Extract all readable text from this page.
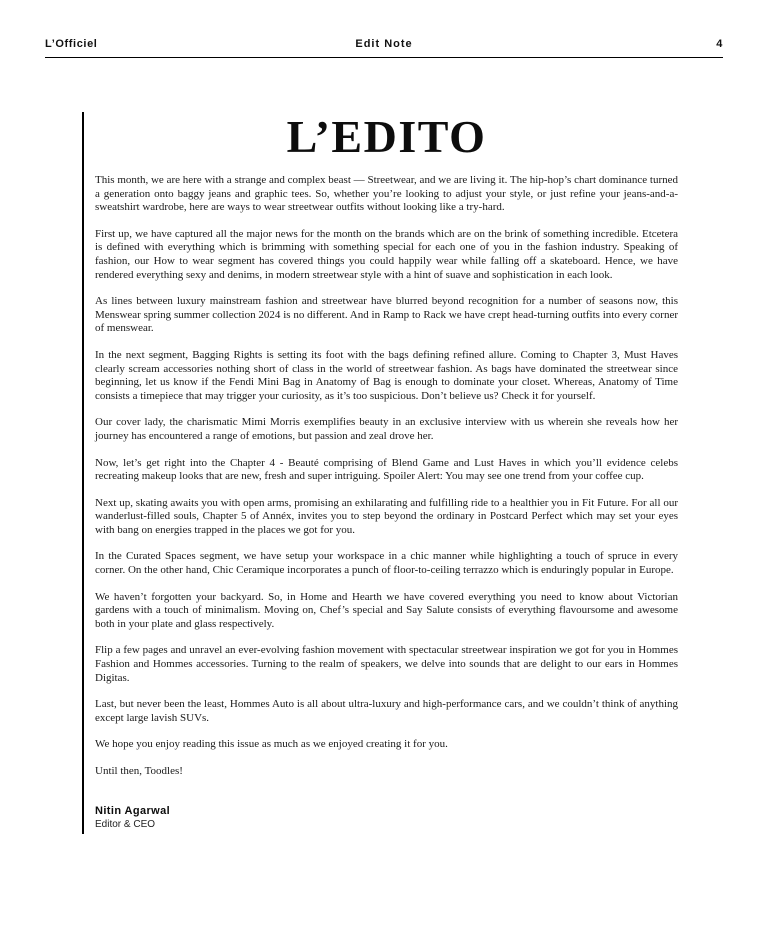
L’Officiel	Edit Note	4
L’EDITO

This month, we are here with a strange and complex beast — Streetwear, and we are living it. The hip-hop’s chart dominance turned a generation onto baggy jeans and graphic tees. So, whether you’re looking to adjust your style, or just refine your jeans-and-a-sweatshirt wardrobe, here are ways to wear streetwear outfits without looking like a try-hard.

First up, we have captured all the major news for the month on the brands which are on the brink of something incredible. Etcetera is defined with everything which is brimming with something special for each one of you in the fashion industry. Speaking of fashion, our How to wear segment has covered things you could happily wear while falling off a skateboard. Hence, we have rendered everything sexy and denims, in modern streetwear style with a hint of suave and sophistication in each look.

As lines between luxury mainstream fashion and streetwear have blurred beyond recognition for a number of seasons now, this Menswear spring summer collection 2024 is no different. And in Ramp to Rack we have crept head-turning outfits into every corner of menswear.

In the next segment, Bagging Rights is setting its foot with the bags defining refined allure. Coming to Chapter 3, Must Haves clearly scream accessories nothing short of class in the world of streetwear fashion. As bags have dominated the streetwear since beginning, let us know if the Fendi Mini Bag in Anatomy of Bag is enough to dominate your closet. Whereas, Anatomy of Time consists a timepiece that may trigger your curiosity, as it’s too suspicious. Don’t believe us? Check it for yourself.

Our cover lady, the charismatic Mimi Morris exemplifies beauty in an exclusive interview with us wherein she reveals how her journey has encountered a range of emotions, but passion and zeal drove her.

Now, let’s get right into the Chapter 4 - Beauté comprising of Blend Game and Lust Haves in which you’ll evidence celebs recreating makeup looks that are new, fresh and super intriguing. Spoiler Alert: You may see one trend from your coffee cup.

Next up, skating awaits you with open arms, promising an exhilarating and fulfilling ride to a healthier you in Fit Future. For all our wanderlust-filled souls, Chapter 5 of Annéx, invites you to step beyond the ordinary in Postcard Perfect which may set your eyes with bang on energies trapped in the places we got for you.

In the Curated Spaces segment, we have setup your workspace in a chic manner while highlighting a touch of spruce in every corner. On the other hand, Chic Ceramique incorporates a punch of floor-to-ceiling terrazzo which is enduringly popular in Europe.

We haven’t forgotten your backyard. So, in Home and Hearth we have covered everything you need to know about Victorian gardens with a touch of minimalism. Moving on, Chef’s special and Say Salute consists of everything flavoursome and awesome both in your plate and glass respectively.

Flip a few pages and unravel an ever-evolving fashion movement with spectacular streetwear inspiration we got for you in Hommes Fashion and Hommes accessories. Turning to the realm of speakers, we delve into sounds that are delight to our ears in Hommes Digitas.

Last, but never been the least, Hommes Auto is all about ultra-luxury and high-performance cars, and we couldn’t think of anything except large lavish SUVs.

We hope you enjoy reading this issue as much as we enjoyed creating it for you.

Until then, Toodles!

Nitin Agarwal
Editor & CEO
